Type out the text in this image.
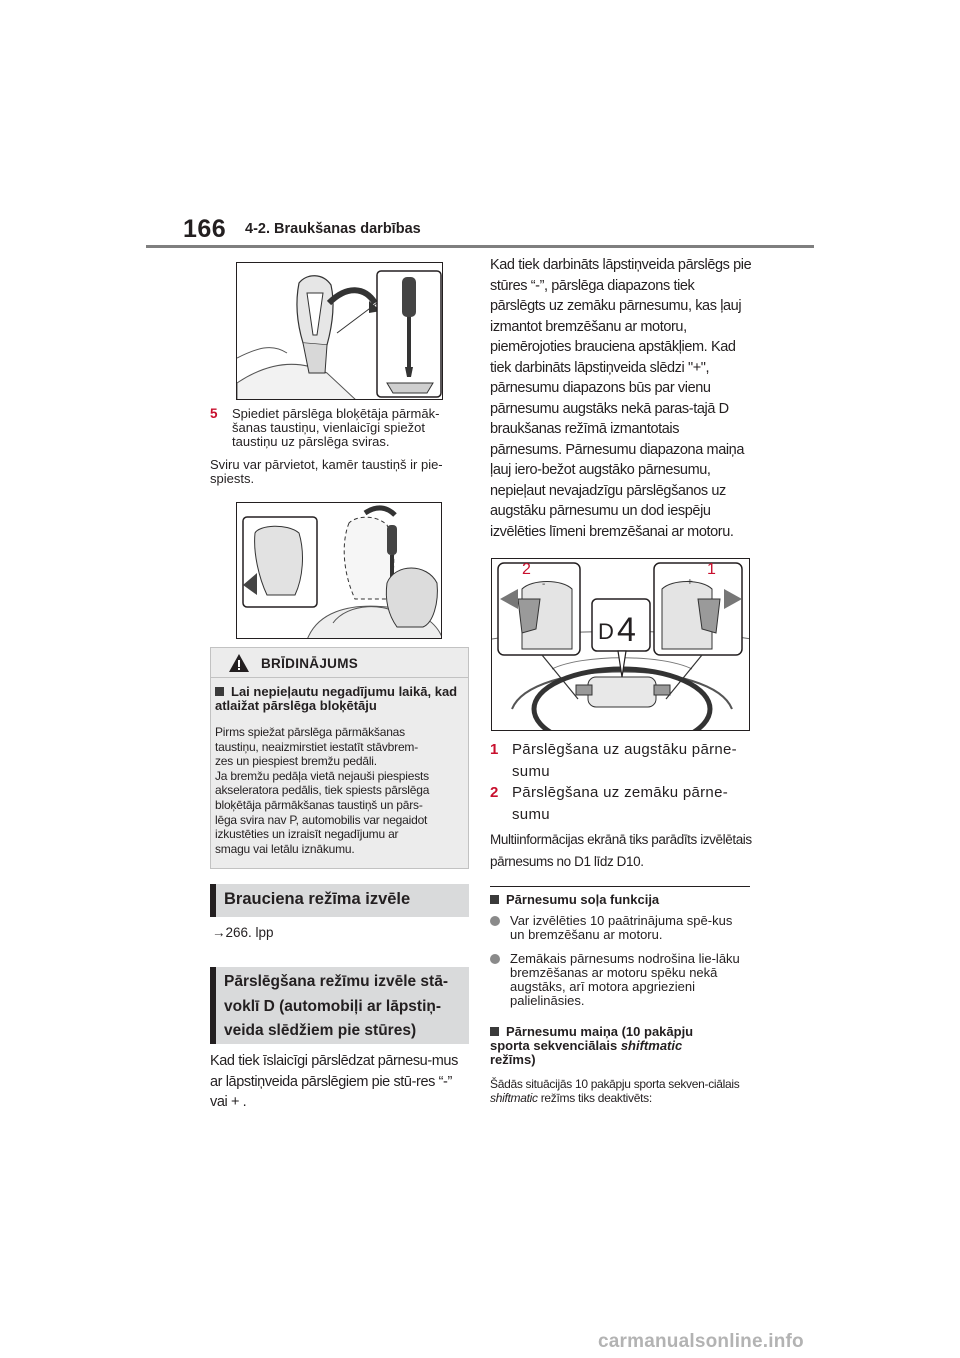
166 4-2. Braukšanas darbības
5 Spiediet pārslēga bloķētāja pārmāk-šanas taustiņu, vienlaicīgi spiežot taustiņu uz pārslēga sviras.
Sviru var pārvietot, kamēr taustiņš ir pie-spiests.
BRĪDINĀJUMS
Lai nepieļautu negadījumu laikā, kad atlaižat pārslēga bloķētāju
Pirms spiežat pārslēga pārmākšanas
taustiņu, neaizmirstiet iestatīt stāvbrem-
zes un piespiest bremžu pedāli.
Ja bremžu pedāļa vietā nejauši piespiests
akseleratora pedālis, tiek spiests pārslēga
bloķētāja pārmākšanas taustiņš un pārs-
lēga svira nav P, automobilis var negaidot
izkustēties un izraisīt negadījumu ar
smagu vai letālu iznākumu.
Brauciena režīma izvēle
→266. lpp
Pārslēgšana režīmu izvēle stā-
voklī D (automobiļi ar lāpstiņ-
veida slēdžiem pie stūres)
Kad tiek īslaicīgi pārslēdzat pārnesu-mus ar lāpstiņveida pārslēgiem pie stū-res “-” vai + .
Kad tiek darbināts lāpstiņveida pārslēgs pie stūres “-”, pārslēga diapazons tiek pārslēgts uz zemāku pārnesumu, kas ļauj izmantot bremzēšanu ar motoru, piemērojoties brauciena apstākļiem. Kad tiek darbināts lāpstiņveida slēdzi "+", pārnesumu diapazons būs par vienu pārnesumu augstāks nekā paras-tajā D braukšanas režīmā izmantotais pārnesums. Pārnesumu diapazona maiņa ļauj iero-bežot augstāko pārnesumu, nepieļaut nevajadzīgu pārslēgšanos uz augstāku pārnesumu un dod iespēju izvēlēties līmeni bremzēšanai ar motoru.
2
-
1
+
D 4
1 Pārslēgšana uz augstāku pārne-sumu
2 Pārslēgšana uz zemāku pārne-sumu
Multiinformācijas ekrānā tiks parādīts izvēlētais pārnesums no D1 līdz D10.
Pārnesumu soļa funkcija
Var izvēlēties 10 paātrinājuma spē-kus un bremzēšanu ar motoru.
Zemākais pārnesums nodrošina lie-lāku bremzēšanas ar motoru spēku nekā augstāks, arī motora apgriezieni palielināsies.
Pārnesumu maiņa (10 pakāpju sporta sekvenciālais shiftmatic režīms)
Šādās situācijās 10 pakāpju sporta sekven-ciālais shiftmatic režīms tiks deaktivēts:
carmanualsonline.info
